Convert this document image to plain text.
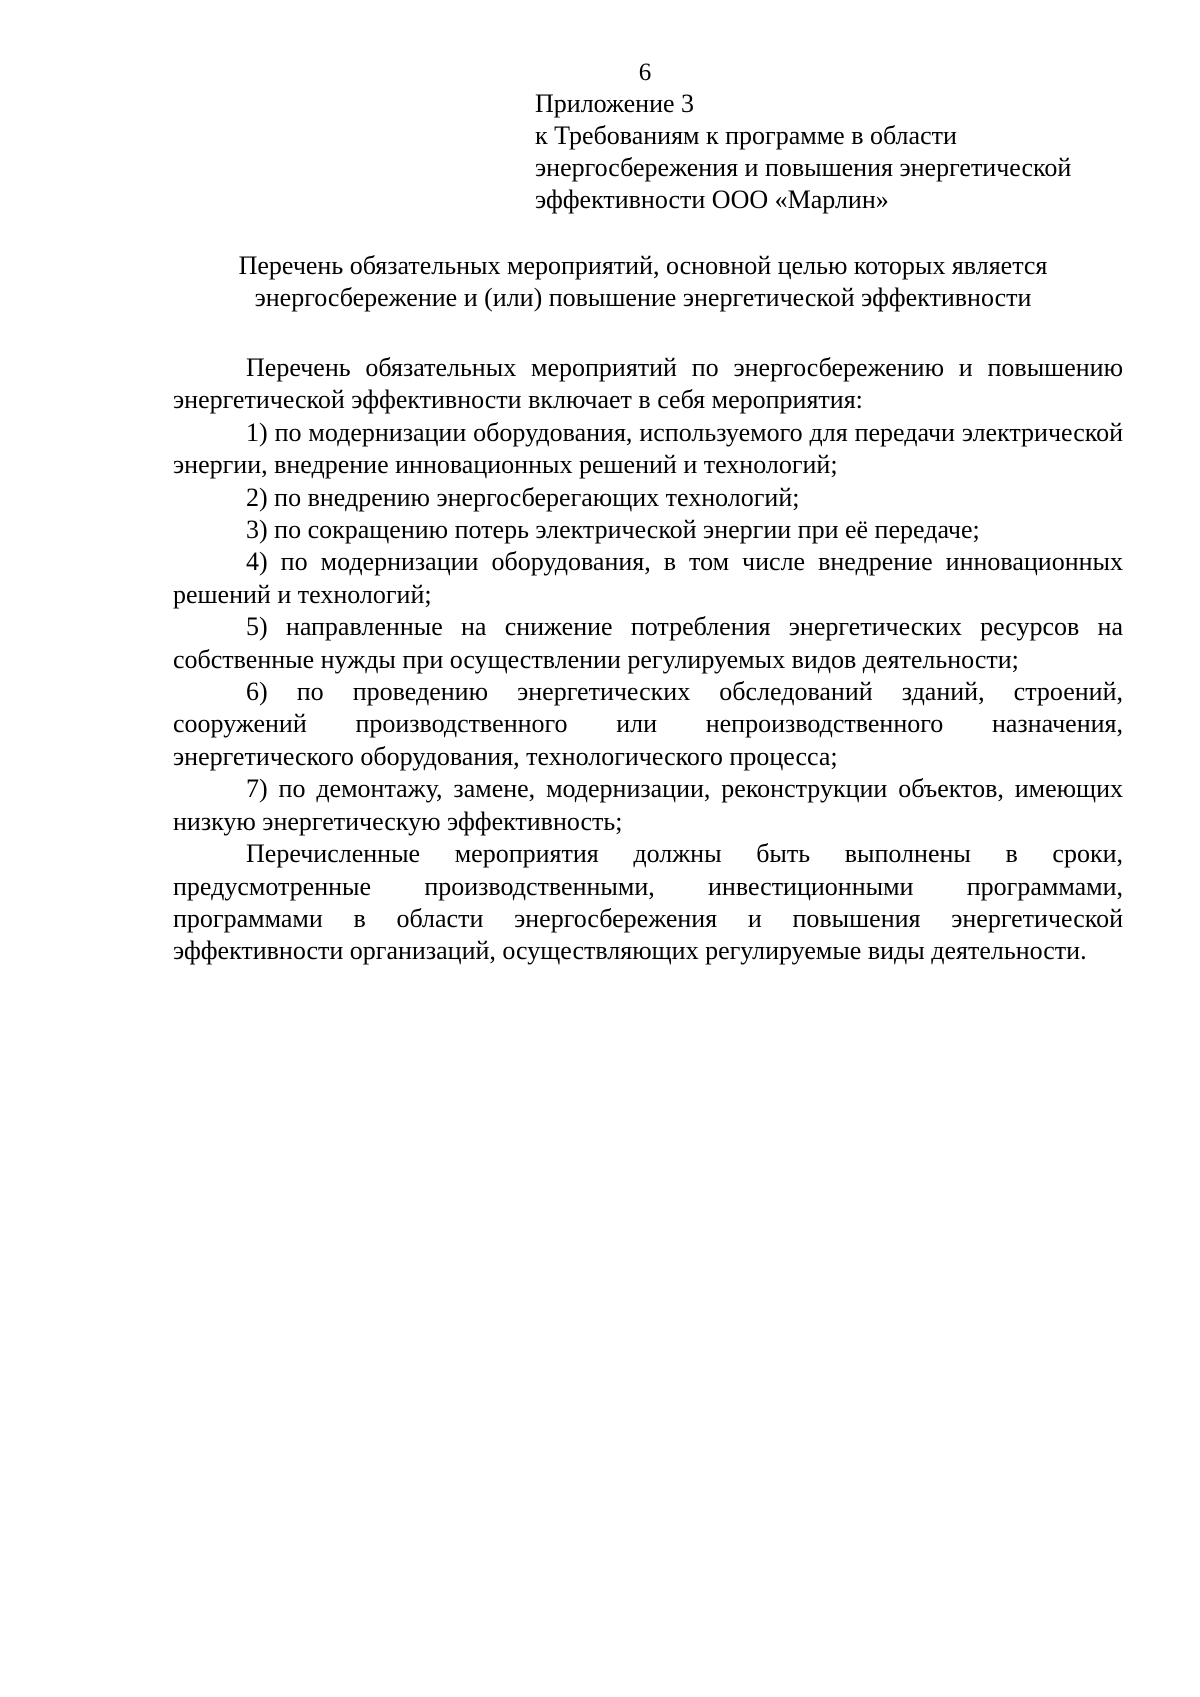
6
Приложение 3
к Требованиям к программе в области
энергосбережения и повышения энергетической
эффективности ООО «Марлин»
Перечень обязательных мероприятий, основной целью которых является
энергосбережение и (или) повышение энергетической эффективности

Перечень обязательных мероприятий по энергосбережению и повышению энергетической эффективности включает в себя мероприятия:

1) по модернизации оборудования, используемого для передачи электрической энергии, внедрение инновационных решений и технологий;

2) по внедрению энергосберегающих технологий;

3) по сокращению потерь электрической энергии при её передаче;

4) по модернизации оборудования, в том числе внедрение инновационных решений и технологий;

5) направленные на снижение потребления энергетических ресурсов на собственные нужды при осуществлении регулируемых видов деятельности;

6) по проведению энергетических обследований зданий, строений, сооружений производственного или непроизводственного назначения, энергетического оборудования, технологического процесса;

7) по демонтажу, замене, модернизации, реконструкции объектов, имеющих низкую энергетическую эффективность;

Перечисленные мероприятия должны быть выполнены в сроки, предусмотренные производственными, инвестиционными программами, программами в области энергосбережения и повышения энергетической эффективности организаций, осуществляющих регулируемые виды деятельности.
